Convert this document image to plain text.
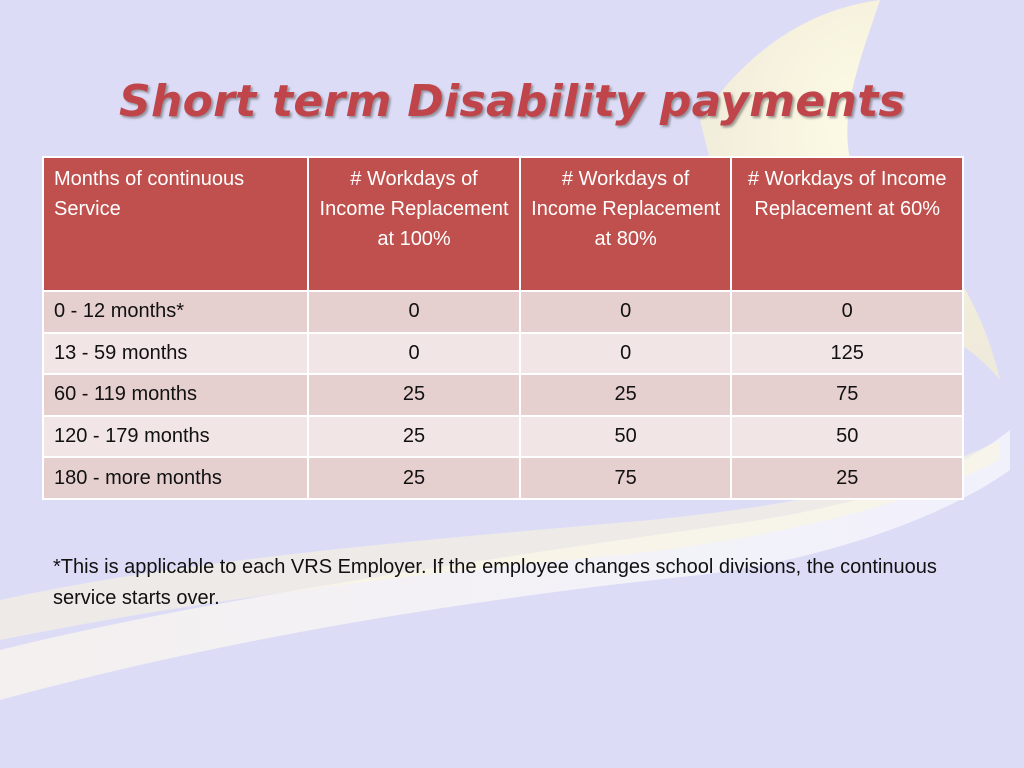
Short term Disability payments
Months of continuous Service	# Workdays of Income Replacement at 100%	# Workdays of Income Replacement at 80%	# Workdays of Income Replacement at 60%
0 - 12 months*	0	0	0
13 - 59 months	0	0	125
60 - 119 months	25	25	75
120 - 179 months	25	50	50
180 - more months	25	75	25

*This is applicable to each VRS Employer. If the employee changes school divisions, the continuous service starts over.
